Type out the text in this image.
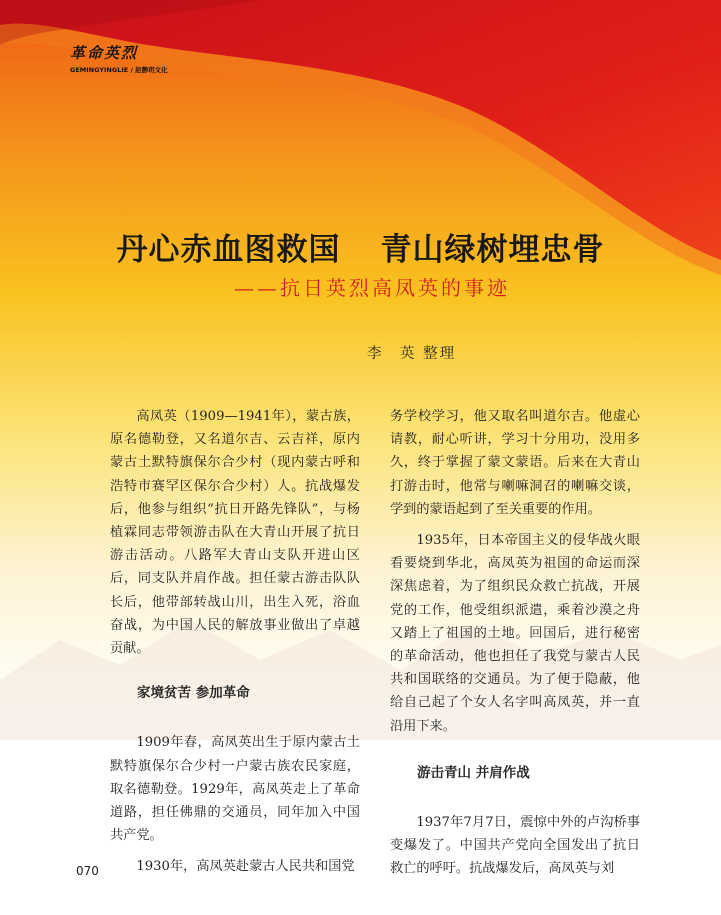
革命英烈
GEMINGYINGLIE / 赵静玥文化
丹心赤血图救国 青山绿树埋忠骨
——抗日英烈高凤英的事迹
李　英 整理

高凤英（1909—1941年），蒙古族，原名德勒登，又名道尔吉、云吉祥，原内蒙古土默特旗保尔合少村（现内蒙古呼和浩特市赛罕区保尔合少村）人。抗战爆发后，他参与组织“抗日开路先锋队”，与杨植霖同志带领游击队在大青山开展了抗日游击活动。八路军大青山支队开进山区后，同支队并肩作战。担任蒙古游击队队长后，他带部转战山川，出生入死，浴血奋战，为中国人民的解放事业做出了卓越贡献。

家境贫苦 参加革命

1909年春，高凤英出生于原内蒙古土默特旗保尔合少村一户蒙古族农民家庭，取名德勒登。1929年，高凤英走上了革命道路，担任佛鼎的交通员，同年加入中国共产党。

1930年，高凤英赴蒙古人民共和国党

务学校学习，他又取名叫道尔吉。他虚心请教，耐心听讲，学习十分用功，没用多久，终于掌握了蒙文蒙语。后来在大青山打游击时，他常与喇嘛洞召的喇嘛交谈，学到的蒙语起到了至关重要的作用。

1935年，日本帝国主义的侵华战火眼看要烧到华北，高凤英为祖国的命运而深深焦虑着，为了组织民众救亡抗战，开展党的工作，他受组织派遣，乘着沙漠之舟又踏上了祖国的土地。回国后，进行秘密的革命活动，他也担任了我党与蒙古人民共和国联络的交通员。为了便于隐蔽，他给自己起了个女人名字叫高凤英，并一直沿用下来。

游击青山 并肩作战

1937年7月7日，震惊中外的卢沟桥事变爆发了。中国共产党向全国发出了抗日救亡的呼吁。抗战爆发后，高凤英与刘

070
